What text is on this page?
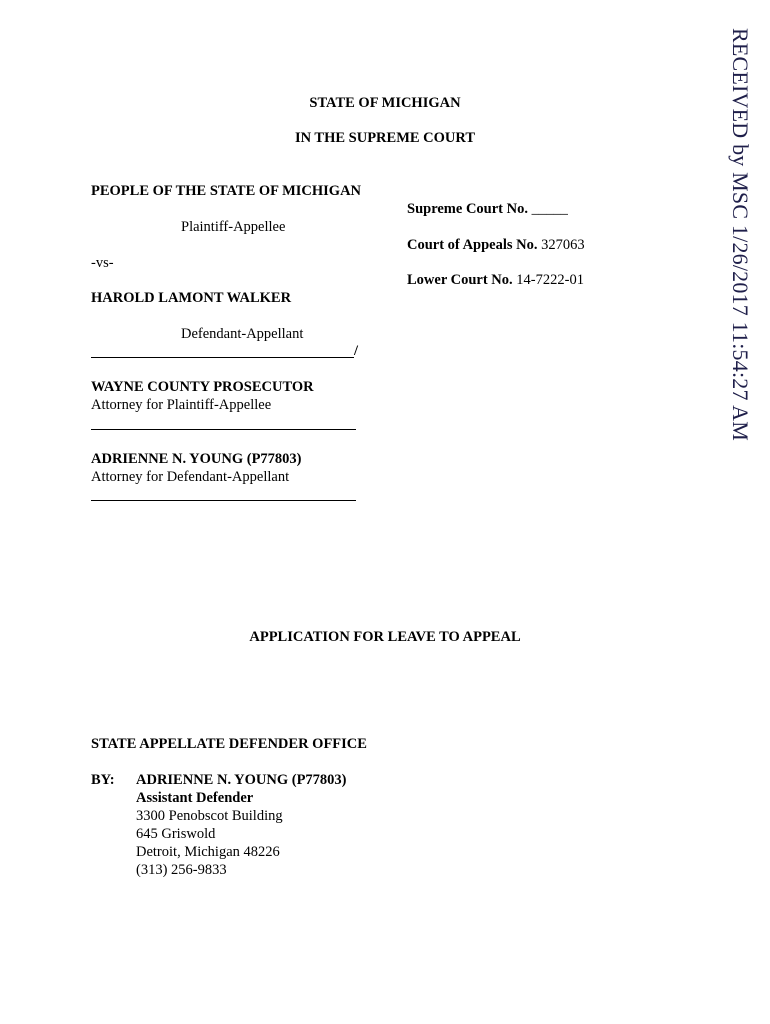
RECEIVED by MSC 1/26/2017 11:54:27 AM
STATE OF MICHIGAN
IN THE SUPREME COURT
PEOPLE OF THE STATE OF MICHIGAN
Plaintiff-Appellee
-vs-
HAROLD LAMONT WALKER
Defendant-Appellant
/
Supreme Court No. _____
Court of Appeals No. 327063
Lower Court No. 14-7222-01
WAYNE COUNTY PROSECUTOR
Attorney for Plaintiff-Appellee
ADRIENNE N. YOUNG (P77803)
Attorney for Defendant-Appellant
APPLICATION FOR LEAVE TO APPEAL
STATE APPELLATE DEFENDER OFFICE
BY: ADRIENNE N. YOUNG (P77803)
Assistant Defender
3300 Penobscot Building
645 Griswold
Detroit, Michigan 48226
(313) 256-9833
